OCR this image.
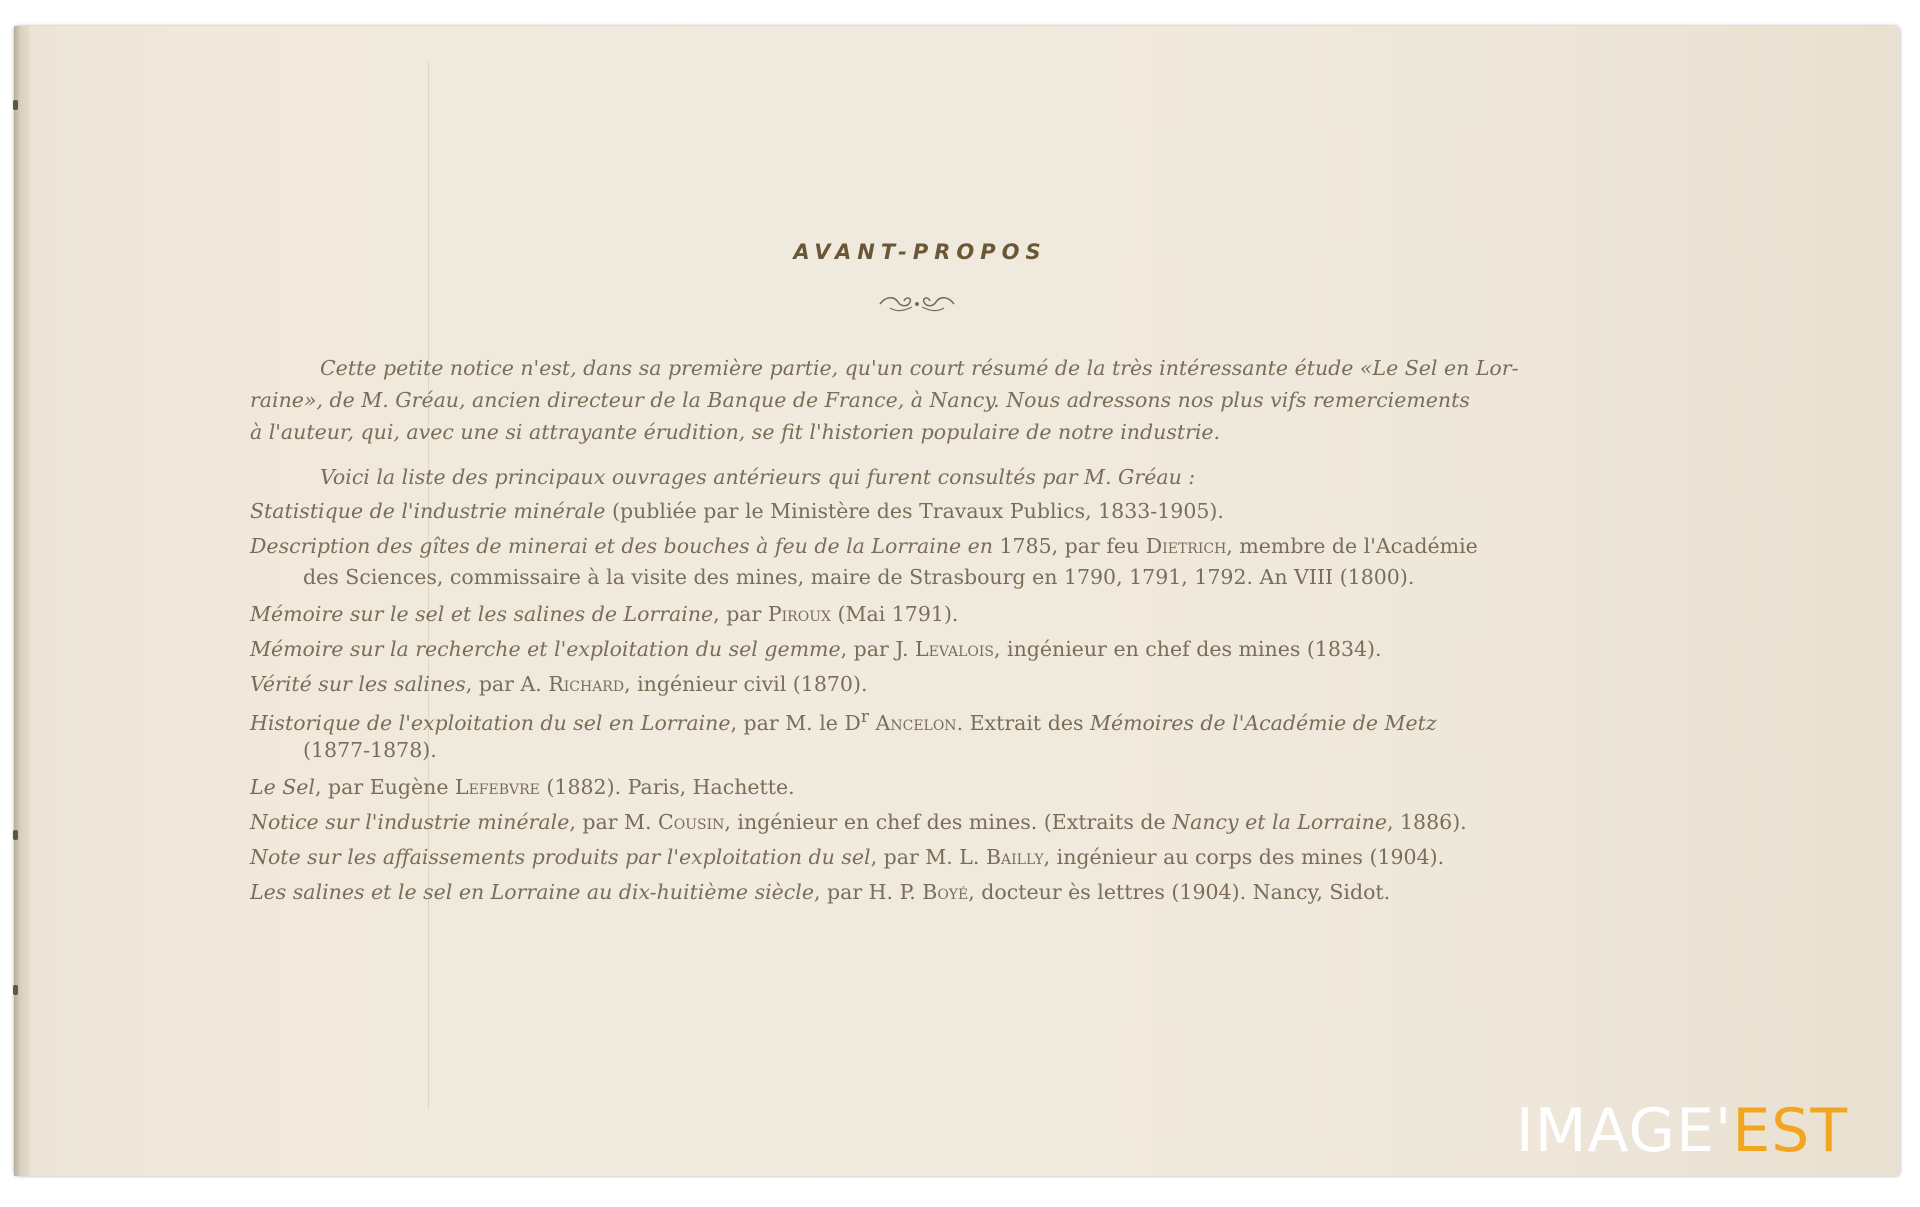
AVANT-PROPOS
Cette petite notice n'est, dans sa première partie, qu'un court résumé de la très intéressante étude «Le Sel en Lor-
raine», de M. Gréau, ancien directeur de la Banque de France, à Nancy. Nous adressons nos plus vifs remerciements
à l'auteur, qui, avec une si attrayante érudition, se fit l'historien populaire de notre industrie.
Voici la liste des principaux ouvrages antérieurs qui furent consultés par M. Gréau :
Statistique de l'industrie minérale (publiée par le Ministère des Travaux Publics, 1833-1905).
Description des gîtes de minerai et des bouches à feu de la Lorraine en 1785, par feu Dietrich, membre de l'Académie
des Sciences, commissaire à la visite des mines, maire de Strasbourg en 1790, 1791, 1792. An VIII (1800).
Mémoire sur le sel et les salines de Lorraine, par Piroux (Mai 1791).
Mémoire sur la recherche et l'exploitation du sel gemme, par J. Levalois, ingénieur en chef des mines (1834).
Vérité sur les salines, par A. Richard, ingénieur civil (1870).
Historique de l'exploitation du sel en Lorraine, par M. le $D^r$ Ancelon. Extrait des Mémoires de l'Académie de Metz
(1877-1878).
Le Sel, par Eugène Lefebvre (1882). Paris, Hachette.
Notice sur l'industrie minérale, par M. Cousin, ingénieur en chef des mines. (Extraits de Nancy et la Lorraine, 1886).
Note sur les affaissements produits par l'exploitation du sel, par M. L. Bailly, ingénieur au corps des mines (1904).
Les salines et le sel en Lorraine au dix-huitième siècle, par H. P. Boyé, docteur ès lettres (1904). Nancy, Sidot.
IMAGE'EST
